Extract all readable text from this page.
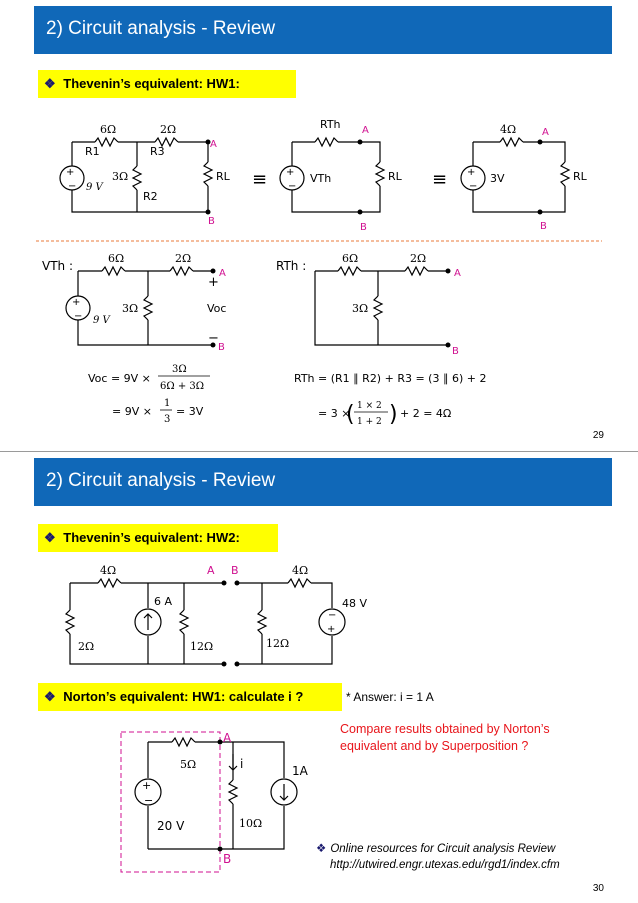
2) Circuit analysis - Review
❖ Thevenin’s equivalent: HW1:
6Ω
R1
2Ω
R3
3Ω
R2
9 V
+
−
RL
A
B
≡
RTh A
B
VTh	RL
+
−	≡
4Ω	A
B
3V	RL
+
−
VTh :
6Ω	2Ω
3Ω
9 V
+
−
+
Voc
−
A
B
Voc = 9V ×
3Ω
6Ω + 3Ω
= 9V ×
1
3
= 3V
RTh :
6Ω	2Ω
3Ω
A
B
RTh = (R1 ∥ R2) + R3 = (3 ∥ 6) + 2
= 3 ×
( 1 × 2
1 + 2 ) + 2 = 4Ω
29
2) Circuit analysis - Review
❖ Thevenin’s equivalent: HW2:
4Ω	4Ω
2Ω	12Ω	12Ω
6 A	48 V
−
+
A B
5Ω
10Ω
20 V
+
−
1A
i
A
B
❖ Norton’s equivalent: HW1: calculate i ?	* Answer: i = 1 A
Compare results obtained by Norton’s
equivalent and by Superposition ?
❖ Online resources for Circuit analysis Review
http://utwired.engr.utexas.edu/rgd1/index.cfm
30
